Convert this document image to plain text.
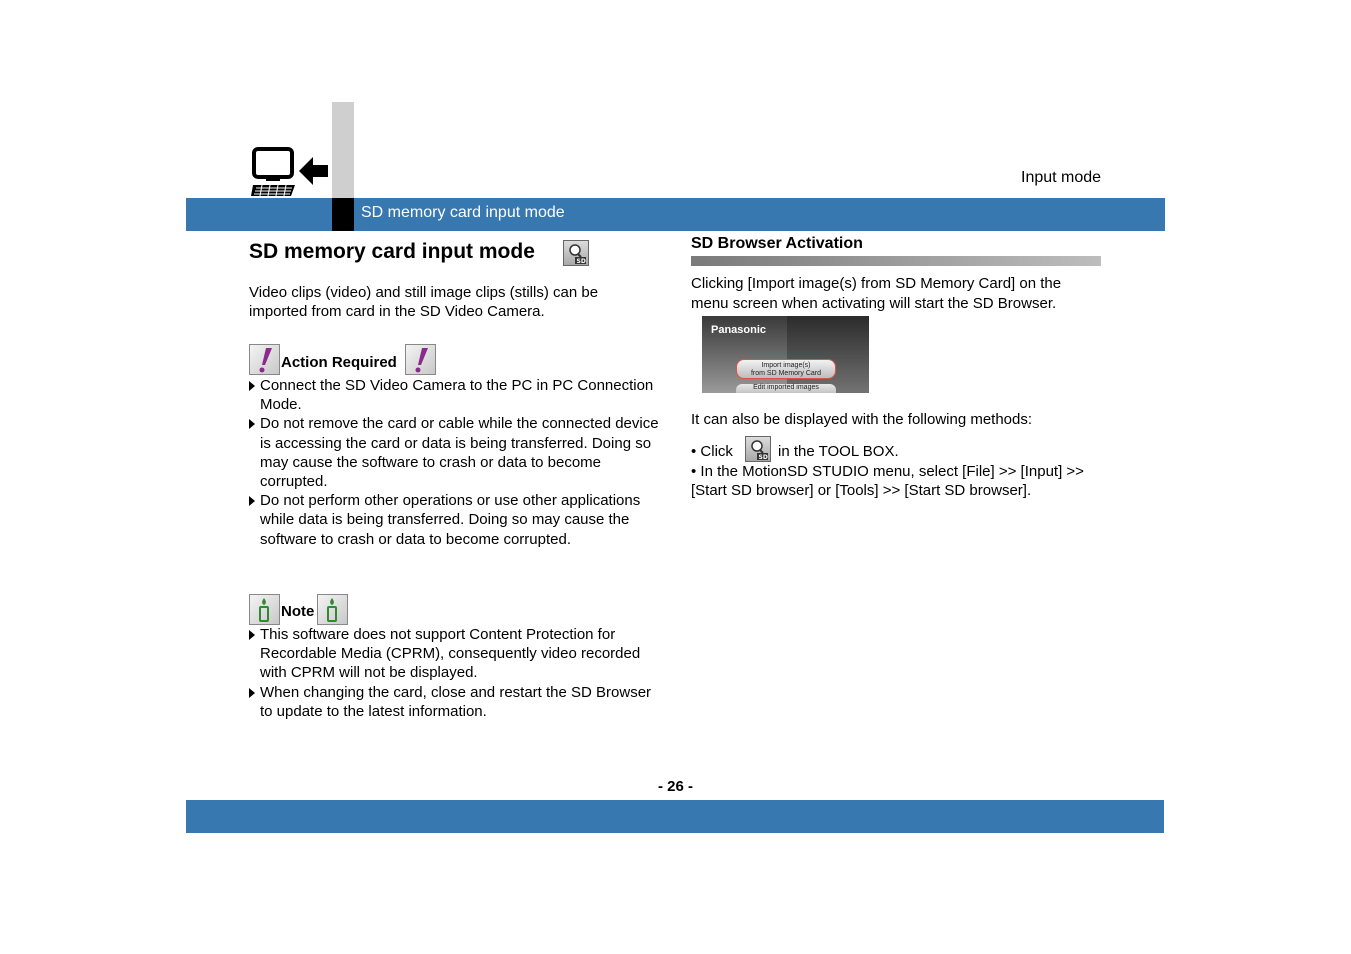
Input mode
SD memory card input mode
SD memory card input mode	SD
Video clips (video) and still image clips (stills) can be imported from card in the SD Video Camera.
Action Required

Connect the SD Video Camera to the PC in PC Connection Mode.

Do not remove the card or cable while the connected device is accessing the card or data is being transferred. Doing so may cause the software to crash or data to become corrupted.

Do not perform other operations or use other applications while data is being transferred. Doing so may cause the software to crash or data to become corrupted.

Note

This software does not support Content Protection for Recordable Media (CPRM), consequently video recorded with CPRM will not be displayed.

When changing the card, close and restart the SD Browser to update to the latest information.

SD Browser Activation
Clicking [Import image(s) from SD Memory Card] on the menu screen when activating will start the SD Browser.
Panasonic
Import image(s)
from SD Memory Card
Edit imported images
It can also be displayed with the following methods:
• Click	SD in the TOOL BOX.
• In the MotionSD STUDIO menu, select [File] >> [Input] >> [Start SD browser] or [Tools] >> [Start SD browser].
- 26 -
